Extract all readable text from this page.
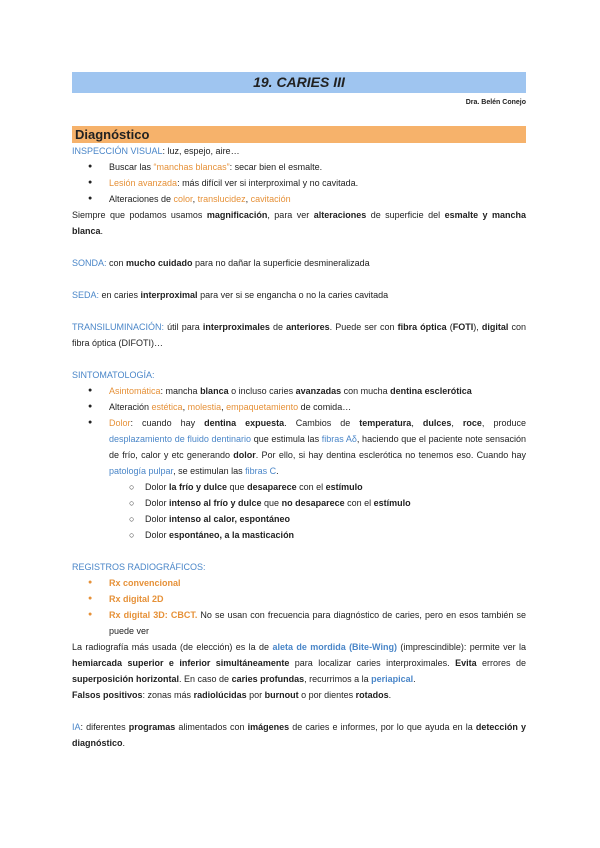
19. CARIES III
Dra. Belén Conejo
Diagnóstico

INSPECCIÓN VISUAL: luz, espejo, aire…

● Buscar las “manchas blancas”: secar bien el esmalte.
● Lesión avanzada: más difícil ver si interproximal y no cavitada.
● Alteraciones de color, translucidez, cavitación

Siempre que podamos usamos magnificación, para ver alteraciones de superficie del esmalte y mancha blanca.

SONDA: con mucho cuidado para no dañar la superficie desmineralizada

SEDA: en caries interproximal para ver si se engancha o no la caries cavitada

TRANSILUMINACIÓN: útil para interproximales de anteriores. Puede ser con fibra óptica (FOTI), digital con fibra óptica (DIFOTI)…

SINTOMATOLOGÍA:

● Asintomática: mancha blanca o incluso caries avanzadas con mucha dentina esclerótica
● Alteración estética, molestia, empaquetamiento de comida…
● Dolor: cuando hay dentina expuesta. Cambios de temperatura, dulces, roce, produce desplazamiento de fluido dentinario que estimula las fibras Aδ, haciendo que el paciente note sensación de frío, calor y etc generando dolor. Por ello, si hay dentina esclerótica no tenemos eso. Cuando hay patología pulpar, se estimulan las fibras C.
○ Dolor la frío y dulce que desaparece con el estímulo
○ Dolor intenso al frío y dulce que no desaparece con el estímulo
○ Dolor intenso al calor, espontáneo
○ Dolor espontáneo, a la masticación

REGISTROS RADIOGRÁFICOS:

● Rx convencional
● Rx digital 2D
● Rx digital 3D: CBCT. No se usan con frecuencia para diagnóstico de caries, pero en esos también se puede ver

La radiografía más usada (de elección) es la de aleta de mordida (Bite-Wing) (imprescindible): permite ver la hemiarcada superior e inferior simultáneamente para localizar caries interproximales. Evita errores de superposición horizontal. En caso de caries profundas, recurrimos a la periapical.

Falsos positivos: zonas más radiolúcidas por burnout o por dientes rotados.

IA: diferentes programas alimentados con imágenes de caries e informes, por lo que ayuda en la detección y diagnóstico.
